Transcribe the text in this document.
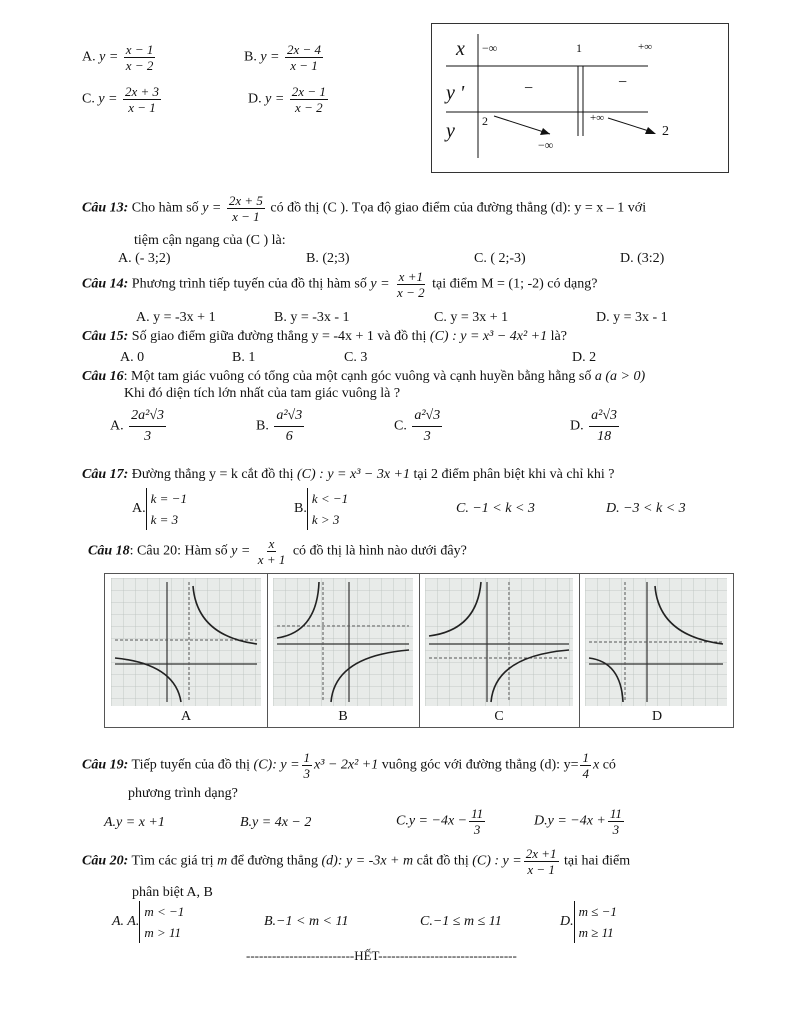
A. $y = \frac{x - 1}{x - 2}$	B. $y = \frac{2x - 4}{x - 1}$
C. $y = \frac{2x + 3}{x - 1}$	D. $y = \frac{2x - 1}{x - 2}$
x
y '
y
−∞	1	+∞
−	−
2
−∞
+∞
2
Câu 13: Cho hàm số $y = \frac{2x + 5}{x - 1}$ có đồ thị (C ). Tọa độ giao điểm của đường thẳng (d): y = x – 1 với
tiệm cận ngang của (C ) là:
A. (- 3;2)	B. (2;3)	C. ( 2;-3)	D. (3:2)
Câu 14: Phương trình tiếp tuyến của đồ thị hàm số $y = \frac{x +1}{x - 2}$ tại điểm M = (1; -2) có dạng?
A. y = -3x + 1	B. y = -3x - 1	C. y = 3x + 1	D. y = 3x - 1
Câu 15: Số giao điểm giữa đường thẳng y = -4x + 1 và đồ thị (C) : y = x³ − 4x² +1 là?
A. 0	B. 1	C. 3	D. 2
Câu 16: Một tam giác vuông có tổng của một cạnh góc vuông và cạnh huyền bằng hằng số a (a > 0)
Khi đó diện tích lớn nhất của tam giác vuông là ?
A. $\frac{\text{2a²√3}}{3}$	B. $\frac{\text{a²√3}}{6}$	C. $\frac{\text{a²√3}}{3}$	D. $\frac{\text{a²√3}}{18}$
Câu 17: Đường thẳng y = k cắt đồ thị (C) : y = x³ − 3x +1 tại 2 điểm phân biệt khi và chỉ khi ?
A.
k = −1
k = 3
B.
k < −1
k > 3
C. −1 < k < 3	D. −3 < k < 3
Câu 18: Câu 20: Hàm số $y = \frac{x}{x + 1}$ có đồ thị là hình nào dưới đây?
A	B	C	D
Câu 19: Tiếp tuyến của đồ thị (C): $y = \frac{1}{3} x^3 - 2x^2 +1$ vuông góc với đường thẳng (d): $y= \frac{1}{4}$ x có
phương trình dạng?
A.y = x +1	B.y = 4x − 2	$C.y = -4x - \frac{11}{3}$	$D.y = -4x + \frac{11}{3}$
Câu 20: Tìm các giá trị m để đường thẳng (d): y = -3x + m cắt đồ thị (C) : $y = \frac{2x +1}{x - 1}$ tại hai điểm
phân biệt A, B
A. A.
m < −1
m > 11
B.−1 < m < 11	C.−1 ≤ m ≤ 11	D.
m ≤ −1
m ≥ 11
-------------------------HẾT--------------------------------
